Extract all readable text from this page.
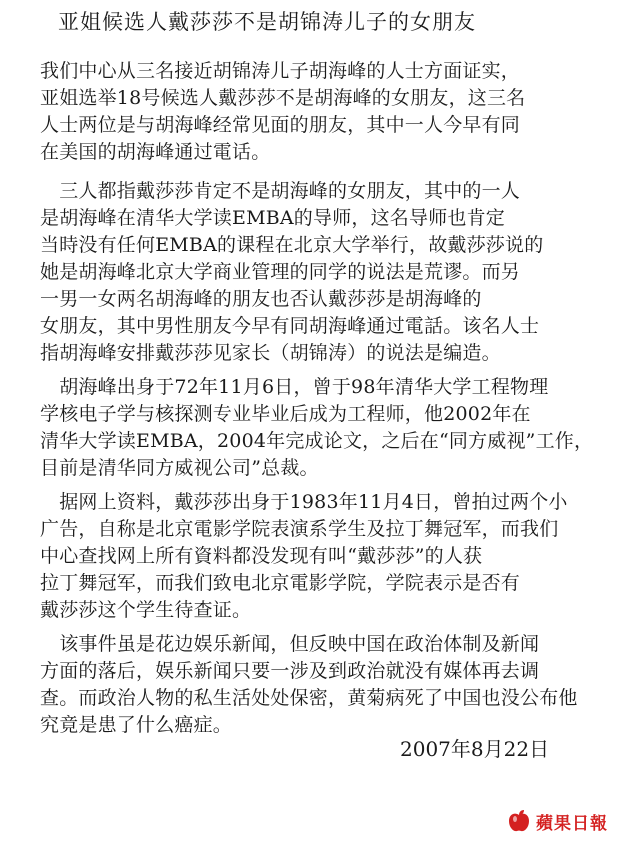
亚姐候选人戴莎莎不是胡锦涛儿子的女朋友
我们中心从三名接近胡锦涛儿子胡海峰的人士方面证实，
亚姐选举18号候选人戴莎莎不是胡海峰的女朋友，这三名
人士两位是与胡海峰经常见面的朋友，其中一人今早有同
在美国的胡海峰通过電话。
　三人都指戴莎莎肯定不是胡海峰的女朋友，其中的一人
是胡海峰在清华大学读EMBA的导师，这名导师也肯定
当時没有任何EMBA的课程在北京大学举行，故戴莎莎说的
她是胡海峰北京大学商业管理的同学的说法是荒谬。而另
一男一女两名胡海峰的朋友也否认戴莎莎是胡海峰的
女朋友，其中男性朋友今早有同胡海峰通过電話。该名人士
指胡海峰安排戴莎莎见家长（胡锦涛）的说法是编造。
　胡海峰出身于72年11月6日，曾于98年清华大学工程物理
学核电子学与核探测专业毕业后成为工程师，他2002年在
清华大学读EMBA，2004年完成论文，之后在“同方威视”工作，
目前是清华同方威视公司”总裁。
　据网上资料，戴莎莎出身于1983年11月4日，曾拍过两个小
广告，自称是北京電影学院表演系学生及拉丁舞冠军，而我们
中心查找网上所有資料都没发现有叫“戴莎莎”的人获
拉丁舞冠军，而我们致电北京電影学院，学院表示是否有
戴莎莎这个学生待查证。
　该事件虽是花边娱乐新闻，但反映中国在政治体制及新闻
方面的落后，娱乐新闻只要一涉及到政治就没有媒体再去调
查。而政治人物的私生活处处保密，黄菊病死了中国也没公布他
究竟是患了什么癌症。
2007年8月22日
蘋果日報
